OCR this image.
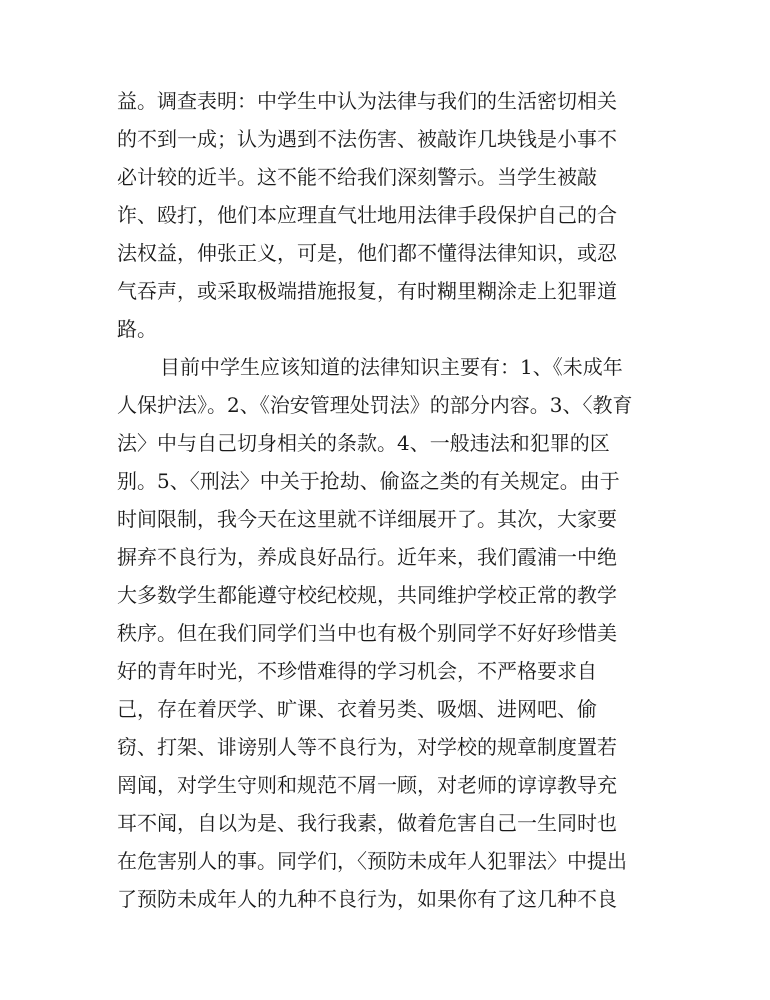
益。调查表明：中学生中认为法律与我们的生活密切相关
的不到一成；认为遇到不法伤害、被敲诈几块钱是小事不
必计较的近半。这不能不给我们深刻警示。当学生被敲
诈、殴打，他们本应理直气壮地用法律手段保护自己的合
法权益，伸张正义，可是，他们都不懂得法律知识，或忍
气吞声，或采取极端措施报复，有时糊里糊涂走上犯罪道
路。
目前中学生应该知道的法律知识主要有：1、《未成年
人保护法》。2、《治安管理处罚法》的部分内容。3、〈教育
法〉中与自己切身相关的条款。4、一般违法和犯罪的区
别。5、〈刑法〉中关于抢劫、偷盗之类的有关规定。由于
时间限制，我今天在这里就不详细展开了。其次，大家要
摒弃不良行为，养成良好品行。近年来，我们霞浦一中绝
大多数学生都能遵守校纪校规，共同维护学校正常的教学
秩序。但在我们同学们当中也有极个别同学不好好珍惜美
好的青年时光，不珍惜难得的学习机会，不严格要求自
己，存在着厌学、旷课、衣着另类、吸烟、进网吧、偷
窃、打架、诽谤别人等不良行为，对学校的规章制度置若
罔闻，对学生守则和规范不屑一顾，对老师的谆谆教导充
耳不闻，自以为是、我行我素，做着危害自己一生同时也
在危害别人的事。同学们，〈预防未成年人犯罪法〉中提出
了预防未成年人的九种不良行为，如果你有了这几种不良
